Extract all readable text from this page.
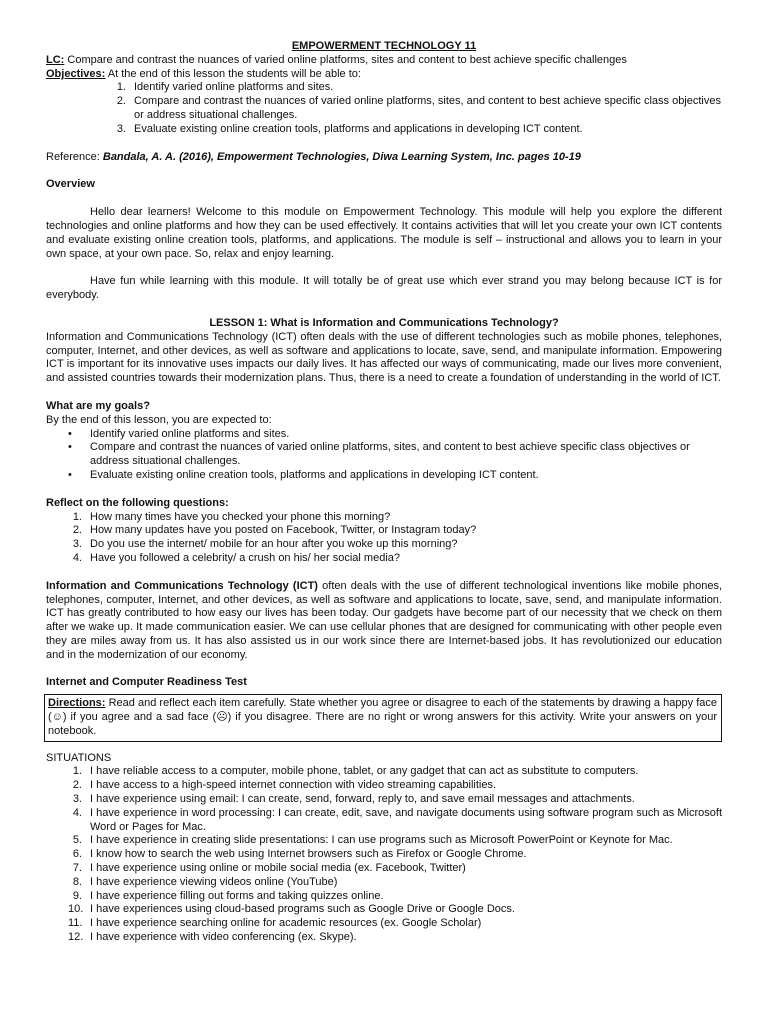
EMPOWERMENT TECHNOLOGY 11

LC: Compare and contrast the nuances of varied online platforms, sites and content to best achieve specific challenges

Objectives: At the end of this lesson the students will be able to:

1. Identify varied online platforms and sites.
2. Compare and contrast the nuances of varied online platforms, sites, and content to best achieve specific class objectives or address situational challenges.
3. Evaluate existing online creation tools, platforms and applications in developing ICT content.

Reference: Bandala, A. A. (2016), Empowerment Technologies, Diwa Learning System, Inc. pages 10-19

Overview

Hello dear learners! Welcome to this module on Empowerment Technology. This module will help you explore the different technologies and online platforms and how they can be used effectively. It contains activities that will let you create your own ICT contents and evaluate existing online creation tools, platforms, and applications. The module is self – instructional and allows you to learn in your own space, at your own pace. So, relax and enjoy learning.

Have fun while learning with this module. It will totally be of great use which ever strand you may belong because ICT is for everybody.

LESSON 1: What is Information and Communications Technology?

Information and Communications Technology (ICT) often deals with the use of different technologies such as mobile phones, telephones, computer, Internet, and other devices, as well as software and applications to locate, save, send, and manipulate information. Empowering ICT is important for its innovative uses impacts our daily lives. It has affected our ways of communicating, made our lives more convenient, and assisted countries towards their modernization plans. Thus, there is a need to create a foundation of understanding in the world of ICT.

What are my goals?

By the end of this lesson, you are expected to:

•	Identify varied online platforms and sites.
•	Compare and contrast the nuances of varied online platforms, sites, and content to best achieve specific class objectives or address situational challenges.
•	Evaluate existing online creation tools, platforms and applications in developing ICT content.

Reflect on the following questions:

1. How many times have you checked your phone this morning?
2. How many updates have you posted on Facebook, Twitter, or Instagram today?
3. Do you use the internet/ mobile for an hour after you woke up this morning?
4. Have you followed a celebrity/ a crush on his/ her social media?

Information and Communications Technology (ICT) often deals with the use of different technological inventions like mobile phones, telephones, computer, Internet, and other devices, as well as software and applications to locate, save, send, and manipulate information. ICT has greatly contributed to how easy our lives has been today. Our gadgets have become part of our necessity that we check on them after we wake up. It made communication easier. We can use cellular phones that are designed for communicating with other people even they are miles away from us. It has also assisted us in our work since there are Internet-based jobs. It has revolutionized our education and in the modernization of our economy.

Internet and Computer Readiness Test

Directions: Read and reflect each item carefully. State whether you agree or disagree to each of the statements by drawing a happy face (☺) if you agree and a sad face (☹) if you disagree. There are no right or wrong answers for this activity. Write your answers on your notebook.

SITUATIONS

1. I have reliable access to a computer, mobile phone, tablet, or any gadget that can act as substitute to computers.
2. I have access to a high-speed internet connection with video streaming capabilities.
3. I have experience using email: I can create, send, forward, reply to, and save email messages and attachments.
4. I have experience in word processing: I can create, edit, save, and navigate documents using software program such as Microsoft Word or Pages for Mac.
5. I have experience in creating slide presentations: I can use programs such as Microsoft PowerPoint or Keynote for Mac.
6. I know how to search the web using Internet browsers such as Firefox or Google Chrome.
7. I have experience using online or mobile social media (ex. Facebook, Twitter)
8. I have experience viewing videos online (YouTube)
9. I have experience filling out forms and taking quizzes online.
10. I have experiences using cloud-based programs such as Google Drive or Google Docs.
11. I have experience searching online for academic resources (ex. Google Scholar)
12. I have experience with video conferencing (ex. Skype).
